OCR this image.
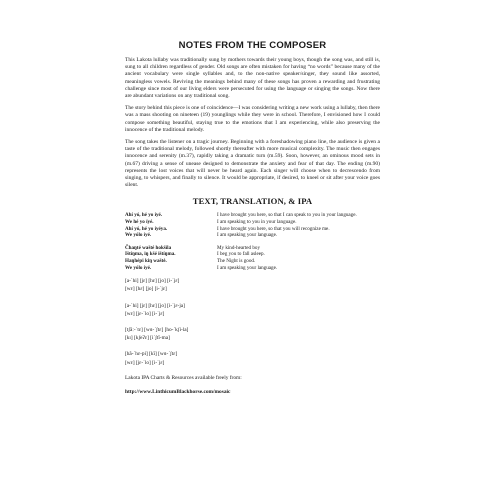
NOTES FROM THE COMPOSER

This Lakota lullaby was traditionally sung by mothers towards their young boys, though the song was, and still is, sung to all children regardless of gender. Old songs are often mistaken for having “no words” because many of the ancient vocabulary were single syllables and, to the non-native speaker/singer, they sound like assorted, meaningless vowels. Reviving the meanings behind many of these songs has proven a rewarding and frustrating challenge since most of our living elders were persecuted for using the language or singing the songs. Now there are abundant variations on any traditional song.

The story behind this piece is one of coincidence—I was considering writing a new work using a lullaby, then there was a mass shooting on nineteen (19) younglings while they were in school. Therefore, I envisioned how I could compose something beautiful, staying true to the emotions that I am experiencing, while also preserving the innocence of the traditional melody.

The song takes the listener on a tragic journey. Beginning with a foreshadowing piano line, the audience is given a taste of the traditional melody, followed shortly thereafter with more musical complexity. The music then engages innocence and serenity (m.37), rapidly taking a dramatic turn (m.59). Soon, however, an ominous mood sets in (m.67) driving a sense of unease designed to demonstrate the anxiety and fear of that day. The ending (m.90) represents the lost voices that will never be heard again. Each singer will choose when to decrescendo from singing, to whispers, and finally to silence. It would be appropriate, if desired, to kneel or sit after your voice goes silent.

TEXT, TRANSLATION, & IPA
Ahí yó, hé yo íyé.
We hé yo íyé.
Ahí yó, hé yo íyéya.
We yólo íyé.
I have brought you here, so that I can speak to you in your language.
I am speaking to you in your language.
I have brought you here, so that you will recognize me.
I am speaking your language.
Čhaŋté wašté hokšíla
Ištíŋma, iŋ kšé ištíŋma.
Haŋhépi kiŋ waštė.
We yólo íyé.
My kind-hearted boy
I beg you to fall asleep.
The Night is good.
I am speaking your language.
[a-ˈhi] [jɛ] [hɛ] [jo] [i-ˈjɛ]
[wɛ] [hɛ] [jo] [i-ˈjɛ]
[a-ˈhi] [jɛ] [hɛ] [jo] [i-ˈjɛ-ja]
[wɛ] [jɛ-ˈlo] [i-ˈjɛ]
[tʃãː-ˈtɛ] [wɑ-ˈʃtɛ] [ho-ˈkʃi-la]
[kɪ] [kʃeʔɛ] [iˈʃtĩ-ma]
[hã-ˈhɛ-pi] [kĩ] [wɑ-ˈʃtɛ]
[wɛ] [jɛ-ˈlo] [i-ˈjɛ]
Lakota IPA Charts & Resources available freely from:
http://www.LinthicumBlackhorse.com/mosaic
